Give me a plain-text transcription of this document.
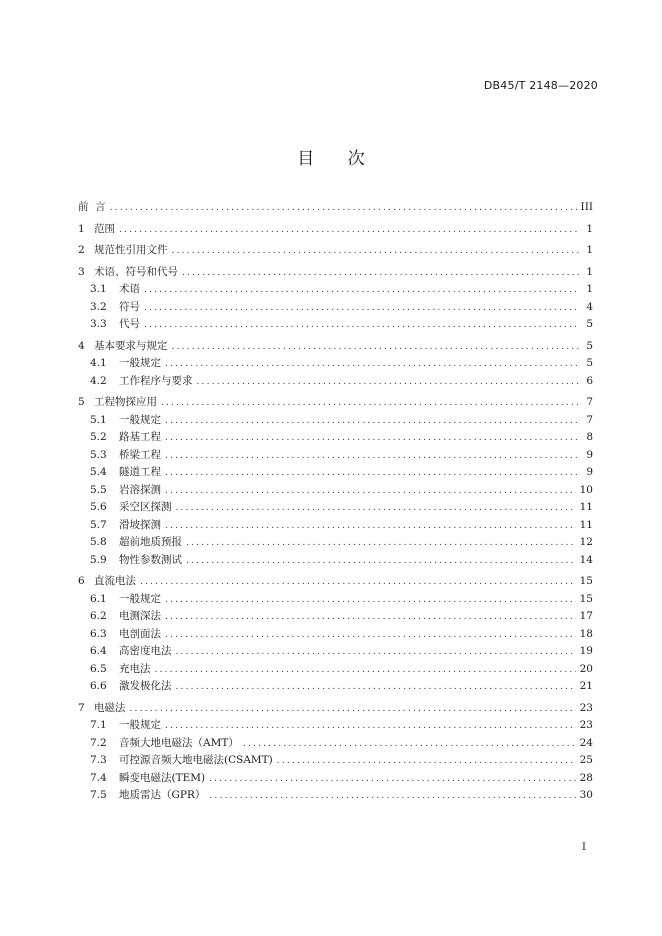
DB45/T 2148—2020
目 次
前  言 .....	III
1 范围 .....	1
2 规范性引用文件 .....	1
3 术语、符号和代号 .....	1
3.1	术语 .....	1
3.2	符号 .....	4
3.3	代号 .....	5
4 基本要求与规定 .....	5
4.1	一般规定 .....	5
4.2	工作程序与要求 .....	6
5 工程物探应用 .....	7
5.1	一般规定 .....	7
5.2	路基工程 .....	8
5.3	桥梁工程 .....	9
5.4	隧道工程 .....	9
5.5	岩溶探测 .....	10
5.6	采空区探测 .....	11
5.7	滑坡探测 .....	11
5.8	超前地质预报 .....	12
5.9	物性参数测试 .....	14
6 直流电法 .....	15
6.1	一般规定 .....	15
6.2	电测深法 .....	17
6.3	电剖面法 .....	18
6.4	高密度电法 .....	19
6.5	充电法 .....	20
6.6	激发极化法 .....	21
7 电磁法 .....	23
7.1	一般规定 .....	23
7.2	音频大地电磁法（AMT） .....	24
7.3	可控源音频大地电磁法(CSAMT) .....	25
7.4	瞬变电磁法(TEM) .....	28
7.5	地质雷达（GPR） .....	30
I
